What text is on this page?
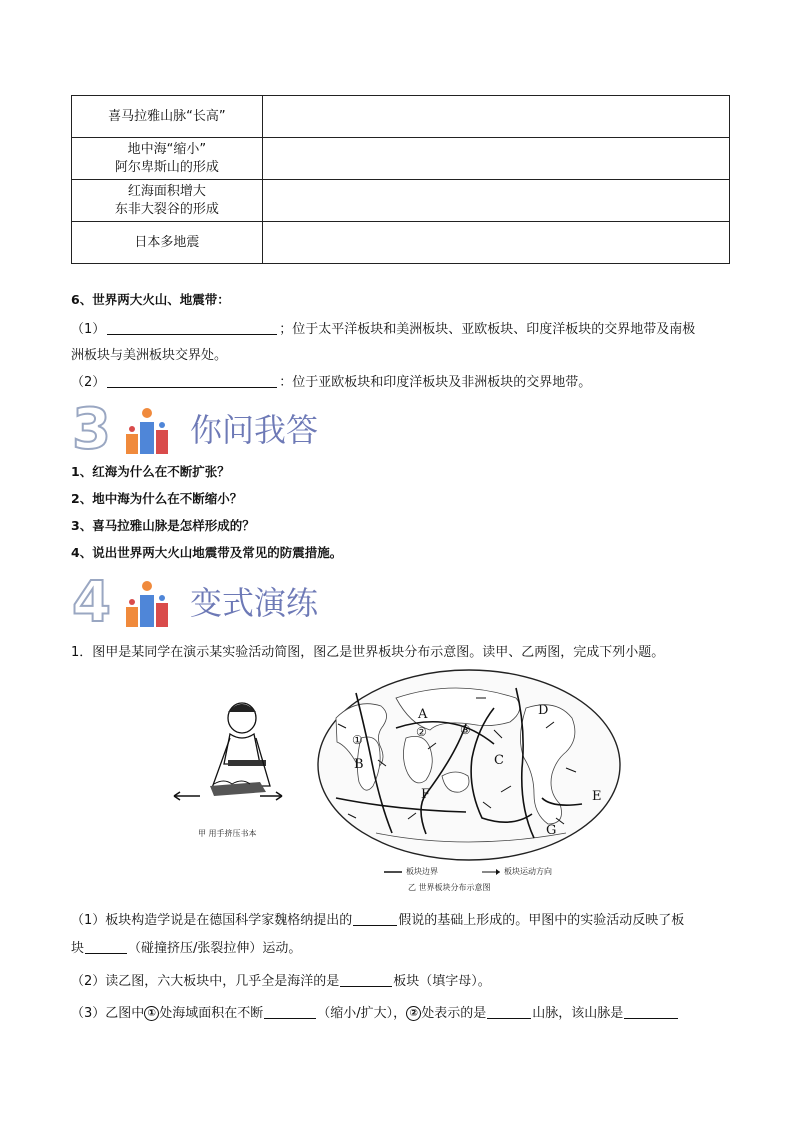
喜马拉雅山脉“长高”	

地中海“缩小”
阿尔卑斯山的形成	

红海面积增大
东非大裂谷的形成	

日本多地震	

6、世界两大火山、地震带：
（1）	；位于太平洋板块和美洲板块、亚欧板块、印度洋板块的交界地带及南极
洲板块与美洲板块交界处。
（2）	：位于亚欧板块和印度洋板块及非洲板块的交界地带。
3	你问我答
1、红海为什么在不断扩张？
2、地中海为什么在不断缩小？
3、喜马拉雅山脉是怎样形成的？
4、说出世界两大火山地震带及常见的防震措施。
4	变式演练
1．图甲是某同学在演示某实验活动简图，图乙是世界板块分布示意图。读甲、乙两图，完成下列小题。
甲 用手挤压书本
A
B	C
D
E
F
G
①
②	③
板块边界	板块运动方向
乙 世界板块分布示意图
（1）板块构造学说是在德国科学家魏格纳提出的	假说的基础上形成的。甲图中的实验活动反映了板
块	（碰撞挤压/张裂拉伸）运动。
（2）读乙图，六大板块中，几乎全是海洋的是	板块（填字母）。
（3）乙图中 ① 处海域面积在不断	（缩小/扩大）， ② 处表示的是	山脉，该山脉是
